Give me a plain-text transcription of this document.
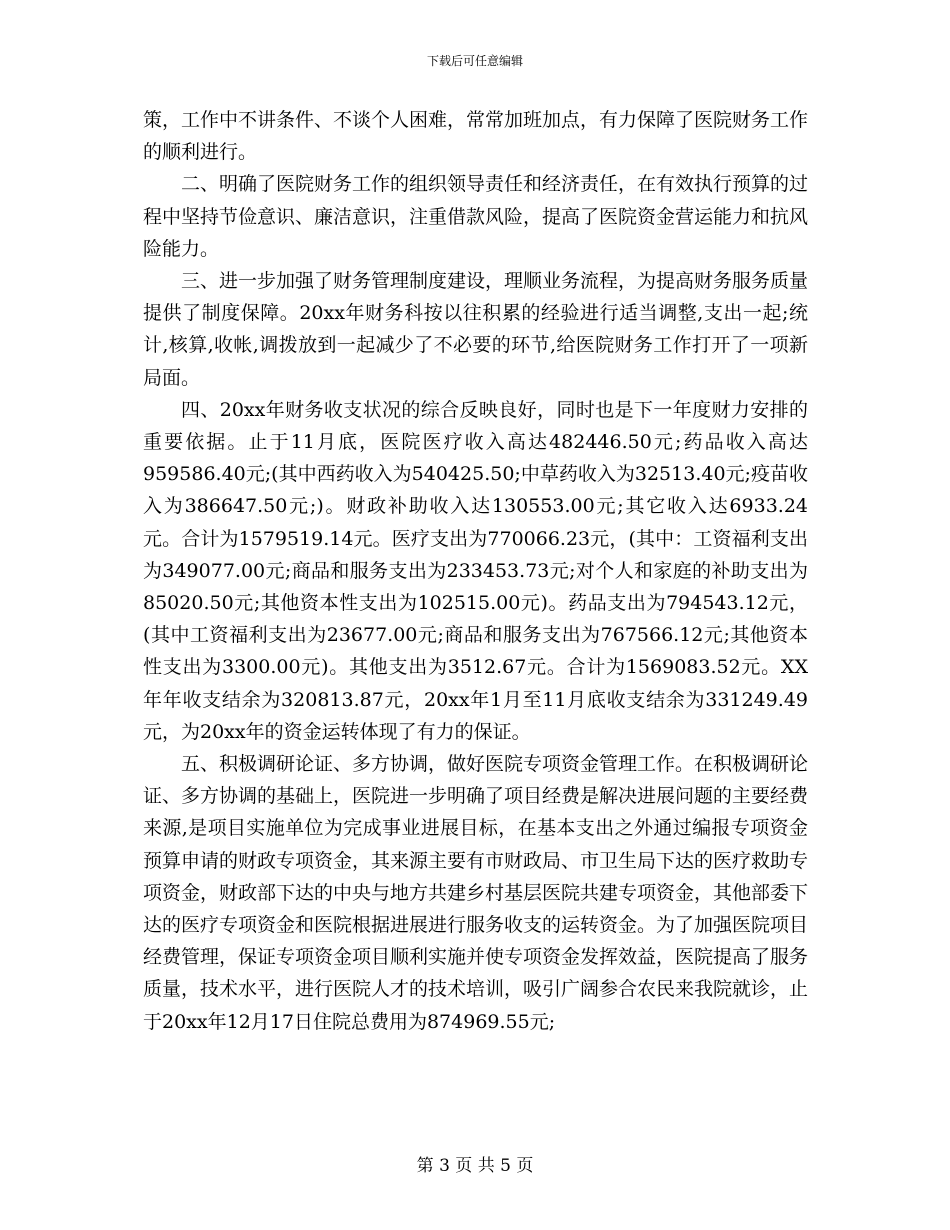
下载后可任意编辑

策，工作中不讲条件、不谈个人困难，常常加班加点，有力保障了医院财务工作的顺利进行。

二、明确了医院财务工作的组织领导责任和经济责任，在有效执行预算的过程中坚持节俭意识、廉洁意识，注重借款风险，提高了医院资金营运能力和抗风险能力。

三、进一步加强了财务管理制度建设，理顺业务流程，为提高财务服务质量提供了制度保障。20xx年财务科按以往积累的经验进行适当调整,支出一起;统计,核算,收帐,调拨放到一起减少了不必要的环节,给医院财务工作打开了一项新局面。

四、20xx年财务收支状况的综合反映良好，同时也是下一年度财力安排的重要依据。止于11月底，医院医疗收入高达482446.50元;药品收入高达959586.40元;(其中西药收入为540425.50;中草药收入为32513.40元;疫苗收入为386647.50元;)。财政补助收入达130553.00元;其它收入达6933.24元。合计为1579519.14元。医疗支出为770066.23元，(其中：工资福利支出为349077.00元;商品和服务支出为233453.73元;对个人和家庭的补助支出为85020.50元;其他资本性支出为102515.00元)。药品支出为794543.12元，(其中工资福利支出为23677.00元;商品和服务支出为767566.12元;其他资本性支出为3300.00元)。其他支出为3512.67元。合计为1569083.52元。XX年年收支结余为320813.87元，20xx年1月至11月底收支结余为331249.49元，为20xx年的资金运转体现了有力的保证。

五、积极调研论证、多方协调，做好医院专项资金管理工作。在积极调研论证、多方协调的基础上，医院进一步明确了项目经费是解决进展问题的主要经费来源,是项目实施单位为完成事业进展目标，在基本支出之外通过编报专项资金预算申请的财政专项资金，其来源主要有市财政局、市卫生局下达的医疗救助专项资金，财政部下达的中央与地方共建乡村基层医院共建专项资金，其他部委下达的医疗专项资金和医院根据进展进行服务收支的运转资金。为了加强医院项目经费管理，保证专项资金项目顺利实施并使专项资金发挥效益，医院提高了服务质量，技术水平，进行医院人才的技术培训，吸引广阔参合农民来我院就诊，止于20xx年12月17日住院总费用为874969.55元;

第 3 页 共 5 页
